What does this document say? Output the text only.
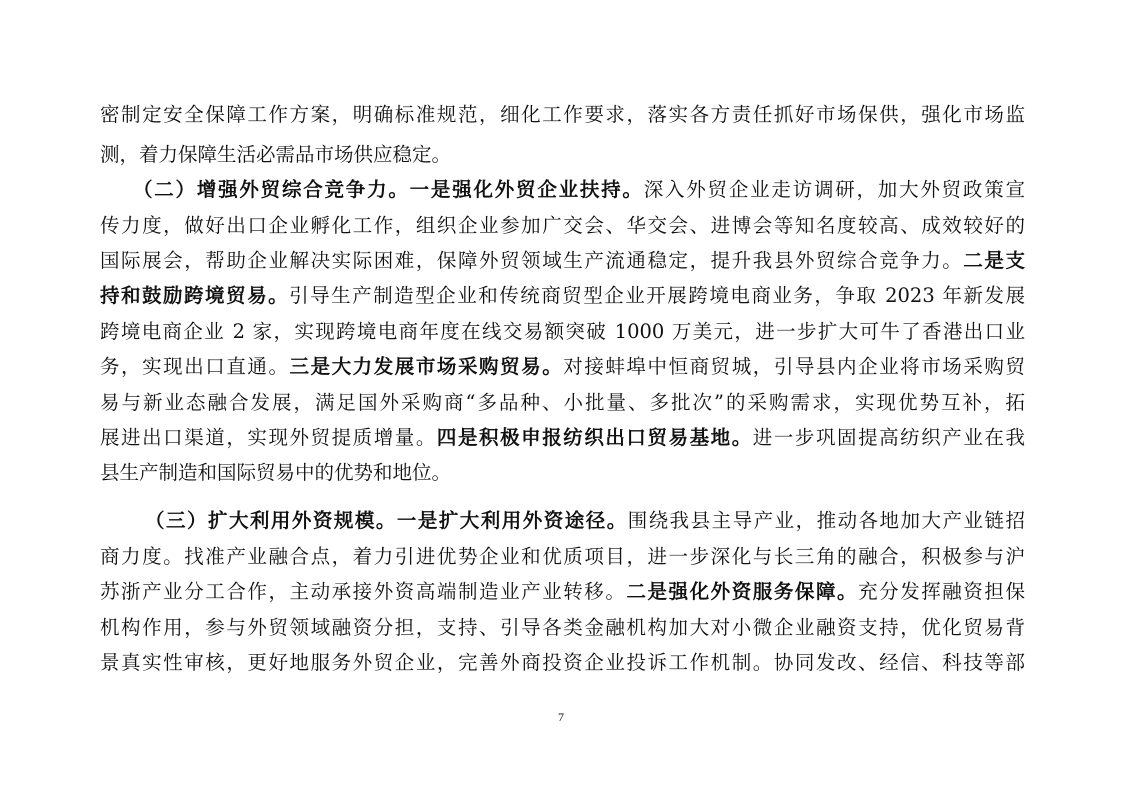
密制定安全保障工作方案，明确标准规范，细化工作要求，落实各方责任抓好市场保供，强化市场监
测，着力保障生活必需品市场供应稳定。
（二）增强外贸综合竞争力。一是强化外贸企业扶持。深入外贸企业走访调研，加大外贸政策宣
传力度，做好出口企业孵化工作，组织企业参加广交会、华交会、进博会等知名度较高、成效较好的
国际展会，帮助企业解决实际困难，保障外贸领域生产流通稳定，提升我县外贸综合竞争力。二是支
持和鼓励跨境贸易。引导生产制造型企业和传统商贸型企业开展跨境电商业务，争取 2023 年新发展
跨境电商企业 2 家，实现跨境电商年度在线交易额突破 1000 万美元，进一步扩大可牛了香港出口业
务，实现出口直通。三是大力发展市场采购贸易。对接蚌埠中恒商贸城，引导县内企业将市场采购贸
易与新业态融合发展，满足国外采购商“多品种、小批量、多批次”的采购需求，实现优势互补，拓
展进出口渠道，实现外贸提质增量。四是积极申报纺织出口贸易基地。进一步巩固提高纺织产业在我
县生产制造和国际贸易中的优势和地位。
（三）扩大利用外资规模。一是扩大利用外资途径。围绕我县主导产业，推动各地加大产业链招
商力度。找准产业融合点，着力引进优势企业和优质项目，进一步深化与长三角的融合，积极参与沪
苏浙产业分工合作，主动承接外资高端制造业产业转移。二是强化外资服务保障。充分发挥融资担保
机构作用，参与外贸领域融资分担，支持、引导各类金融机构加大对小微企业融资支持，优化贸易背
景真实性审核，更好地服务外贸企业，完善外商投资企业投诉工作机制。协同发改、经信、科技等部
7
